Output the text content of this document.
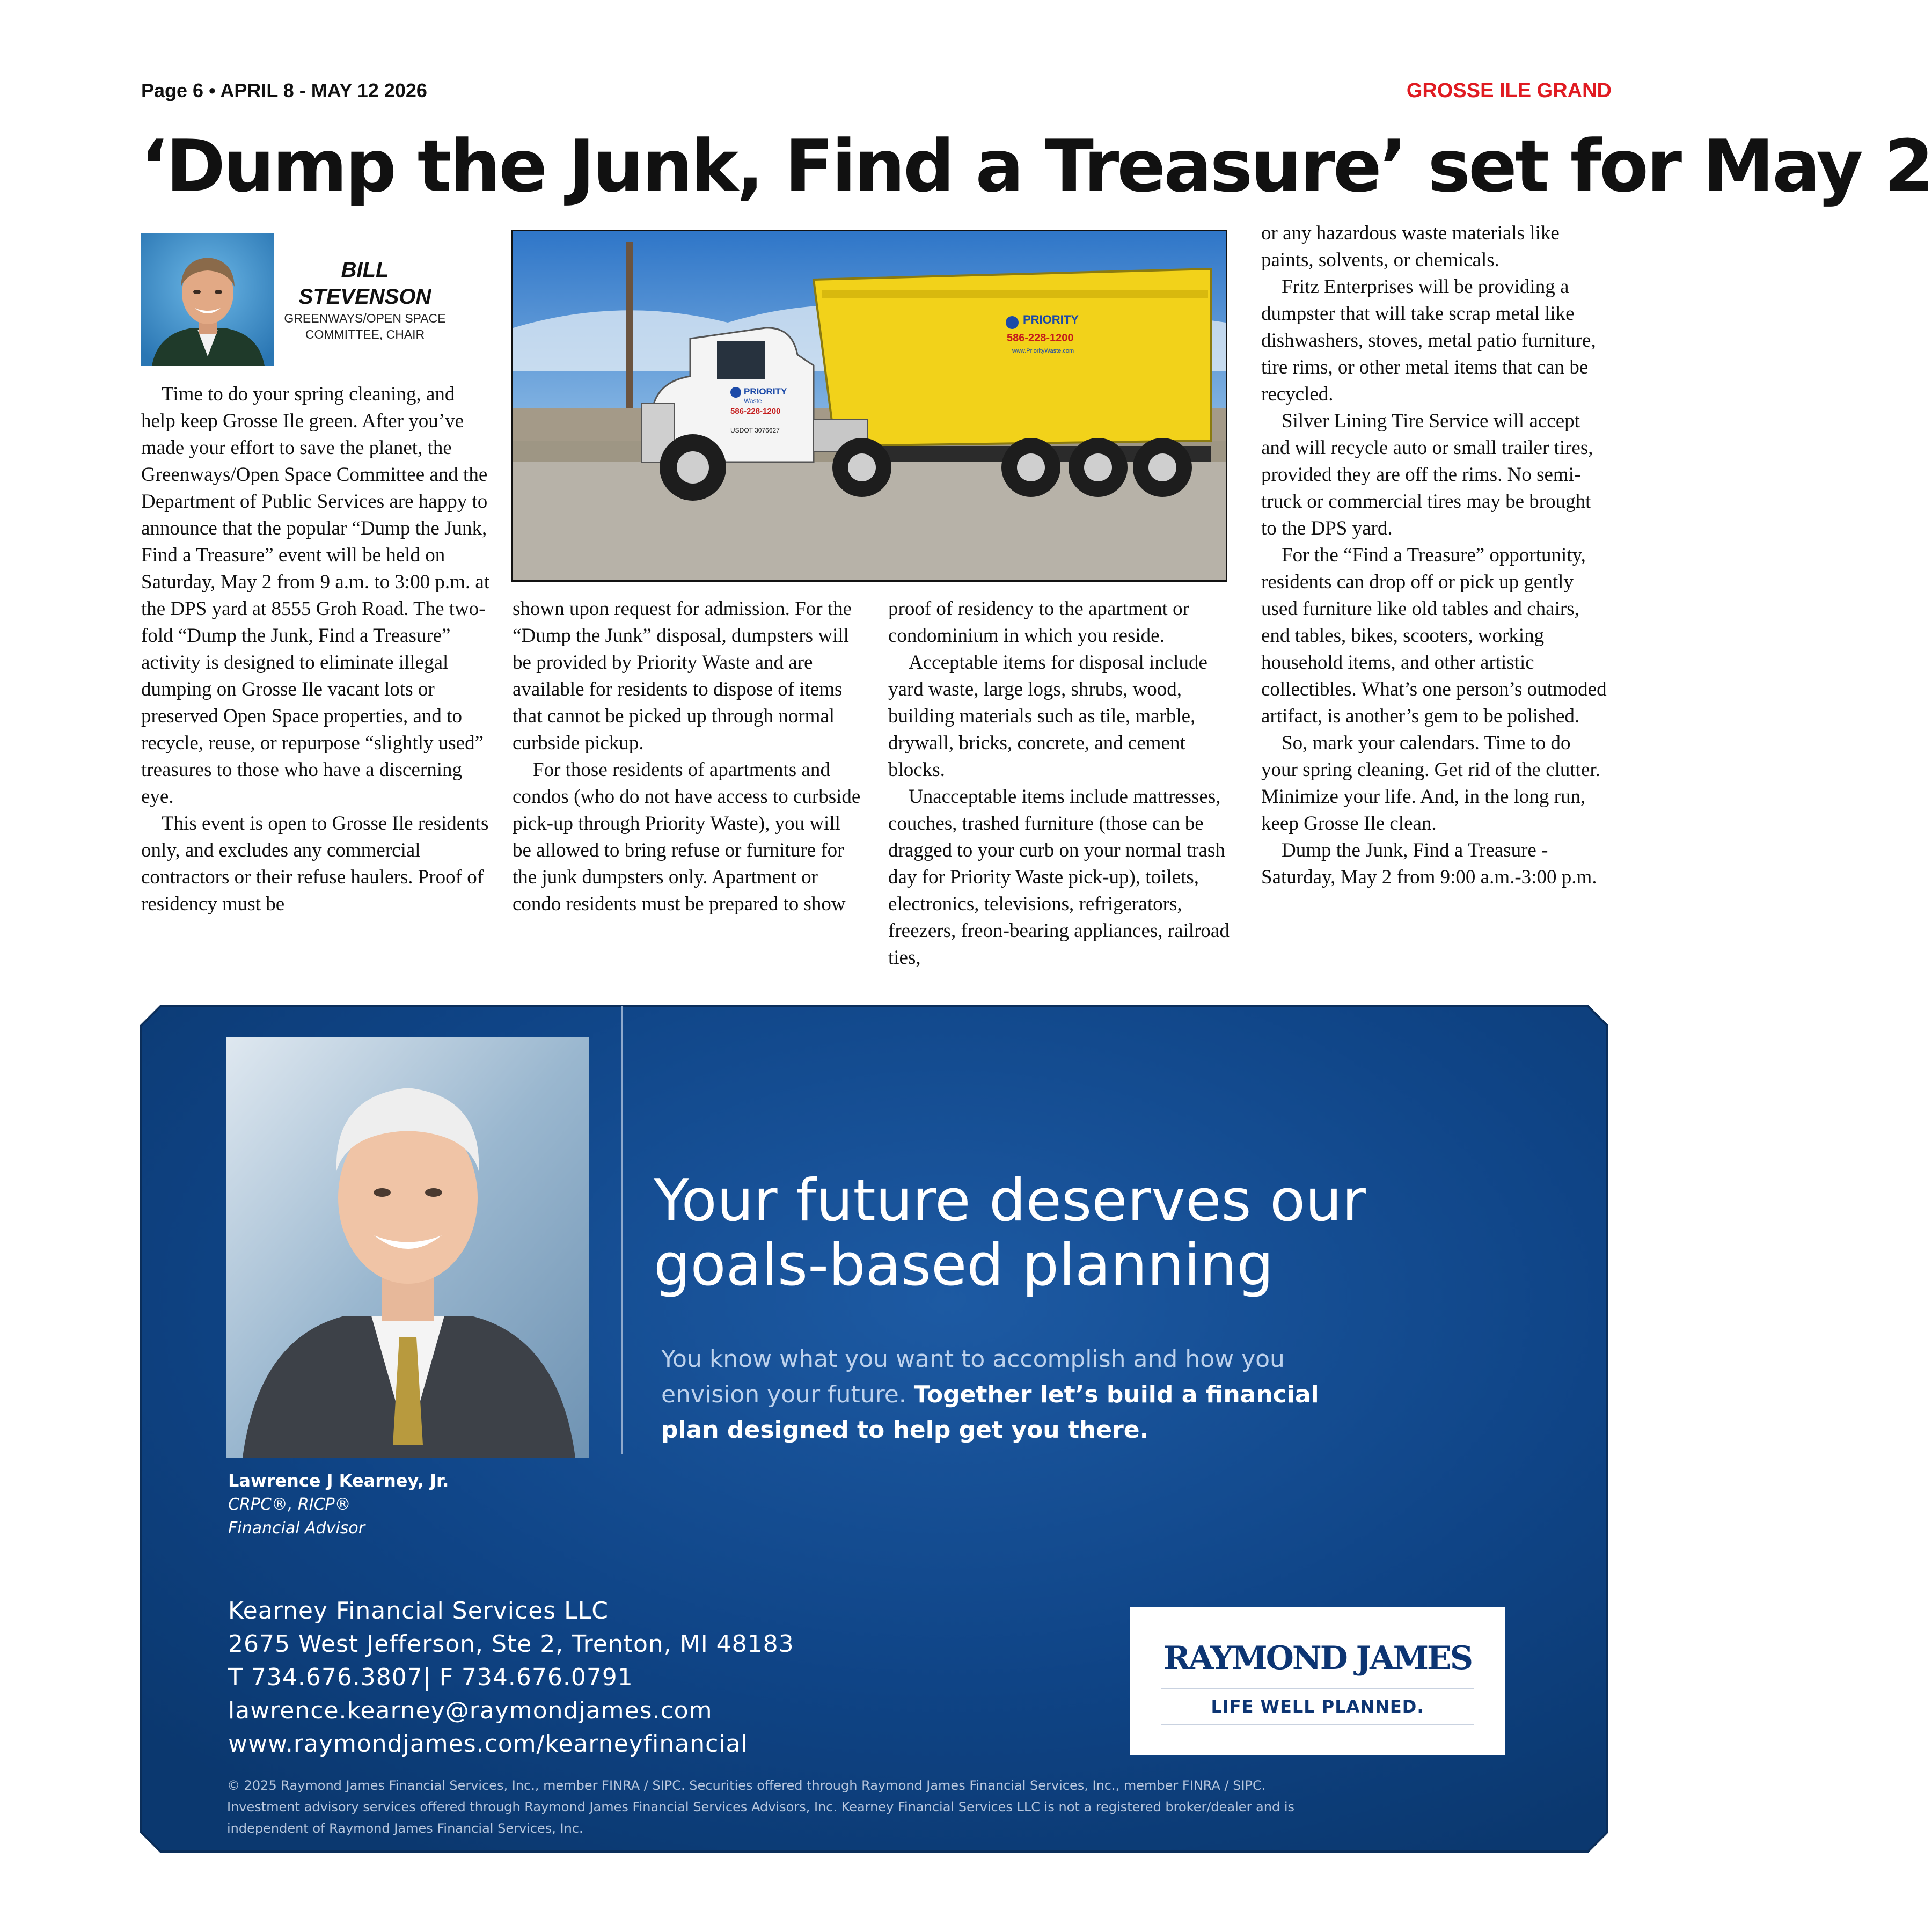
Page 6 • APRIL 8 - MAY 12 2026	GROSSE ILE GRAND
‘Dump the Junk, Find a Treasure’ set for May 2
BILL
STEVENSON
GREENWAYS/OPEN SPACE
COMMITTEE, CHAIR

Time to do your spring cleaning, and help keep Grosse Ile green. After you’ve made your effort to save the planet, the Greenways/Open Space Committee and the Department of Public Services are happy to announce that the popular “Dump the Junk, Find a Treasure” event will be held on Saturday, May 2 from 9 a.m. to 3:00 p.m. at the DPS yard at 8555 Groh Road. The two-fold “Dump the Junk, Find a Treasure” activity is designed to eliminate illegal dumping on Grosse Ile vacant lots or preserved Open Space properties, and to recycle, reuse, or repurpose “slightly used” treasures to those who have a discerning eye.

This event is open to Grosse Ile residents only, and excludes any commercial contractors or their refuse haulers. Proof of residency must be

PRIORITY
586-228-1200
www.PriorityWaste.com
PRIORITY
Waste
586-228-1200
USDOT 3076627

shown upon request for admission. For the “Dump the Junk” disposal, dumpsters will be provided by Priority Waste and are available for residents to dispose of items that cannot be picked up through normal curbside pickup.

For those residents of apartments and condos (who do not have access to curbside pick-up through Priority Waste), you will be allowed to bring refuse or furniture for the junk dumpsters only. Apartment or condo residents must be prepared to show

proof of residency to the apartment or condominium in which you reside.

Acceptable items for disposal include yard waste, large logs, shrubs, wood, building materials such as tile, marble, drywall, bricks, concrete, and cement blocks.

Unacceptable items include mattresses, couches, trashed furniture (those can be dragged to your curb on your normal trash day for Priority Waste pick-up), toilets, electronics, televisions, refrigerators, freezers, freon-bearing appliances, railroad ties,

or any hazardous waste materials like paints, solvents, or chemicals.

Fritz Enterprises will be providing a dumpster that will take scrap metal like dishwashers, stoves, metal patio furniture, tire rims, or other metal items that can be recycled.

Silver Lining Tire Service will accept and will recycle auto or small trailer tires, provided they are off the rims. No semi-truck or commercial tires may be brought to the DPS yard.

For the “Find a Treasure” opportunity, residents can drop off or pick up gently used furniture like old tables and chairs, end tables, bikes, scooters, working household items, and other artistic collectibles. What’s one person’s outmoded artifact, is another’s gem to be polished.

So, mark your calendars. Time to do your spring cleaning. Get rid of the clutter. Minimize your life. And, in the long run, keep Grosse Ile clean.

Dump the Junk, Find a Treasure - Saturday, May 2 from 9:00 a.m.-3:00 p.m.

Your future deserves our
goals-based planning
You know what you want to accomplish and how you envision your future. Together let’s build a financial plan designed to help get you there.
Lawrence J Kearney, Jr.
CRPC®, RICP®
Financial Advisor
Kearney Financial Services LLC
2675 West Jefferson, Ste 2, Trenton, MI 48183
T 734.676.3807| F 734.676.0791
lawrence.kearney@raymondjames.com
www.raymondjames.com/kearneyfinancial
RAYMOND JAMES
LIFE WELL PLANNED.
© 2025 Raymond James Financial Services, Inc., member FINRA / SIPC. Securities offered through Raymond James Financial Services, Inc., member FINRA / SIPC.
Investment advisory services offered through Raymond James Financial Services Advisors, Inc. Kearney Financial Services LLC is not a registered broker/dealer and is
independent of Raymond James Financial Services, Inc.
